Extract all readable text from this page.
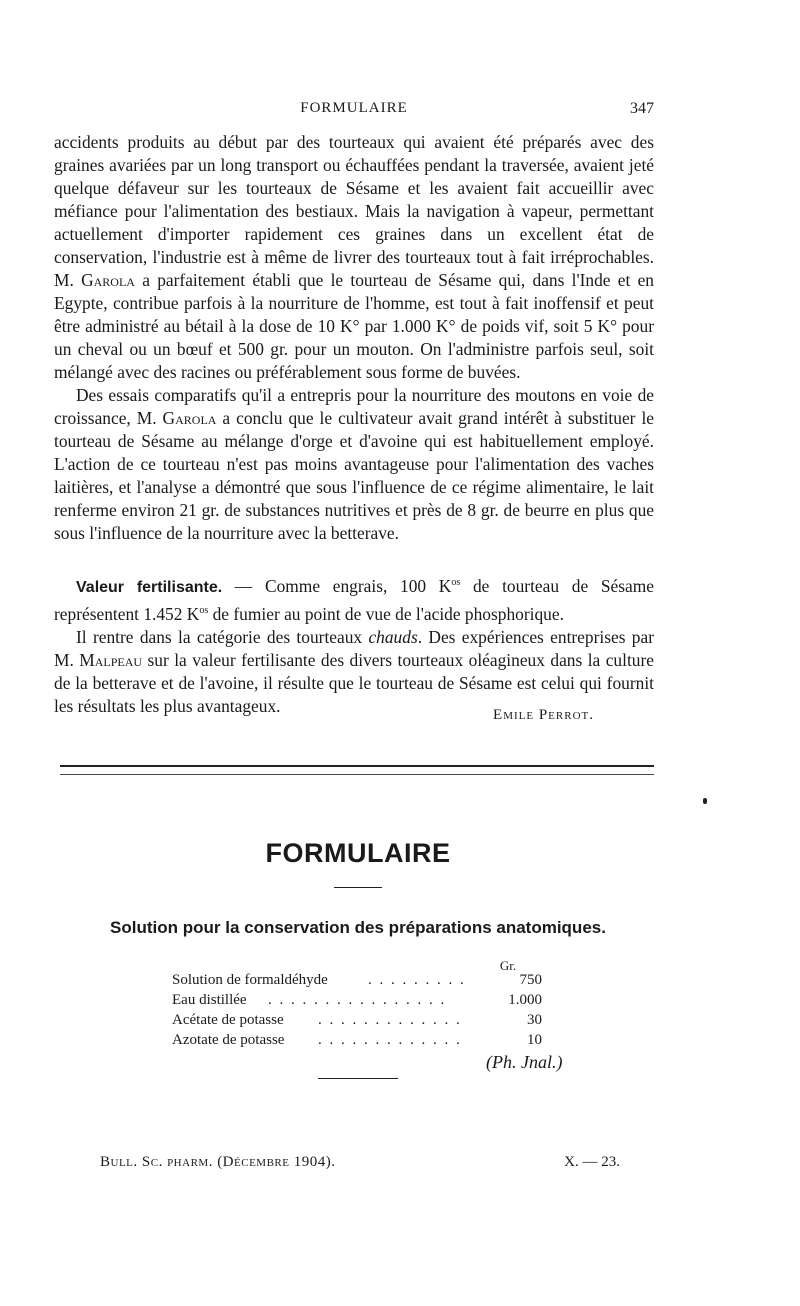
FORMULAIRE	347

accidents produits au début par des tourteaux qui avaient été préparés avec des graines avariées par un long transport ou échauffées pendant la traversée, avaient jeté quelque défaveur sur les tourteaux de Sésame et les avaient fait accueillir avec méfiance pour l'alimentation des bestiaux. Mais la navigation à vapeur, permettant actuellement d'importer rapidement ces graines dans un excellent état de conservation, l'industrie est à même de livrer des tourteaux tout à fait irréprochables. M. Garola a parfaitement établi que le tourteau de Sésame qui, dans l'Inde et en Egypte, contribue parfois à la nourriture de l'homme, est tout à fait inoffensif et peut être administré au bétail à la dose de 10 K° par 1.000 K° de poids vif, soit 5 K° pour un cheval ou un bœuf et 500 gr. pour un mouton. On l'administre parfois seul, soit mélangé avec des racines ou préférablement sous forme de buvées.

Des essais comparatifs qu'il a entrepris pour la nourriture des moutons en voie de croissance, M. Garola a conclu que le cultivateur avait grand intérêt à substituer le tourteau de Sésame au mélange d'orge et d'avoine qui est habituellement employé. L'action de ce tourteau n'est pas moins avantageuse pour l'alimentation des vaches laitières, et l'analyse a démontré que sous l'influence de ce régime alimentaire, le lait renferme environ 21 gr. de substances nutritives et près de 8 gr. de beurre en plus que sous l'influence de la nourriture avec la betterave.

Valeur fertilisante. — Comme engrais, 100 $K^{os}$ de tourteau de Sésame représentent 1.452 $K^{os}$ de fumier au point de vue de l'acide phosphorique.

Il rentre dans la catégorie des tourteaux chauds. Des expériences entreprises par M. Malpeau sur la valeur fertilisante des divers tourteaux oléagineux dans la culture de la betterave et de l'avoine, il résulte que le tourteau de Sésame est celui qui fournit les résultats les plus avantageux.	Emile Perrot.
FORMULAIRE
Solution pour la conservation des préparations anatomiques.
Gr.
Solution de formaldéhyde	. . . . . . . . .	750
Eau distillée . . . . . . . . . . . . . . . .	1.000
Acétate de potasse . . . . . . . . . . . . .	30
Azotate de potasse . . . . . . . . . . . . .	10
(Ph. Jnal.)
Bull. Sc. pharm. (Décembre 1904).	X. — 23.
